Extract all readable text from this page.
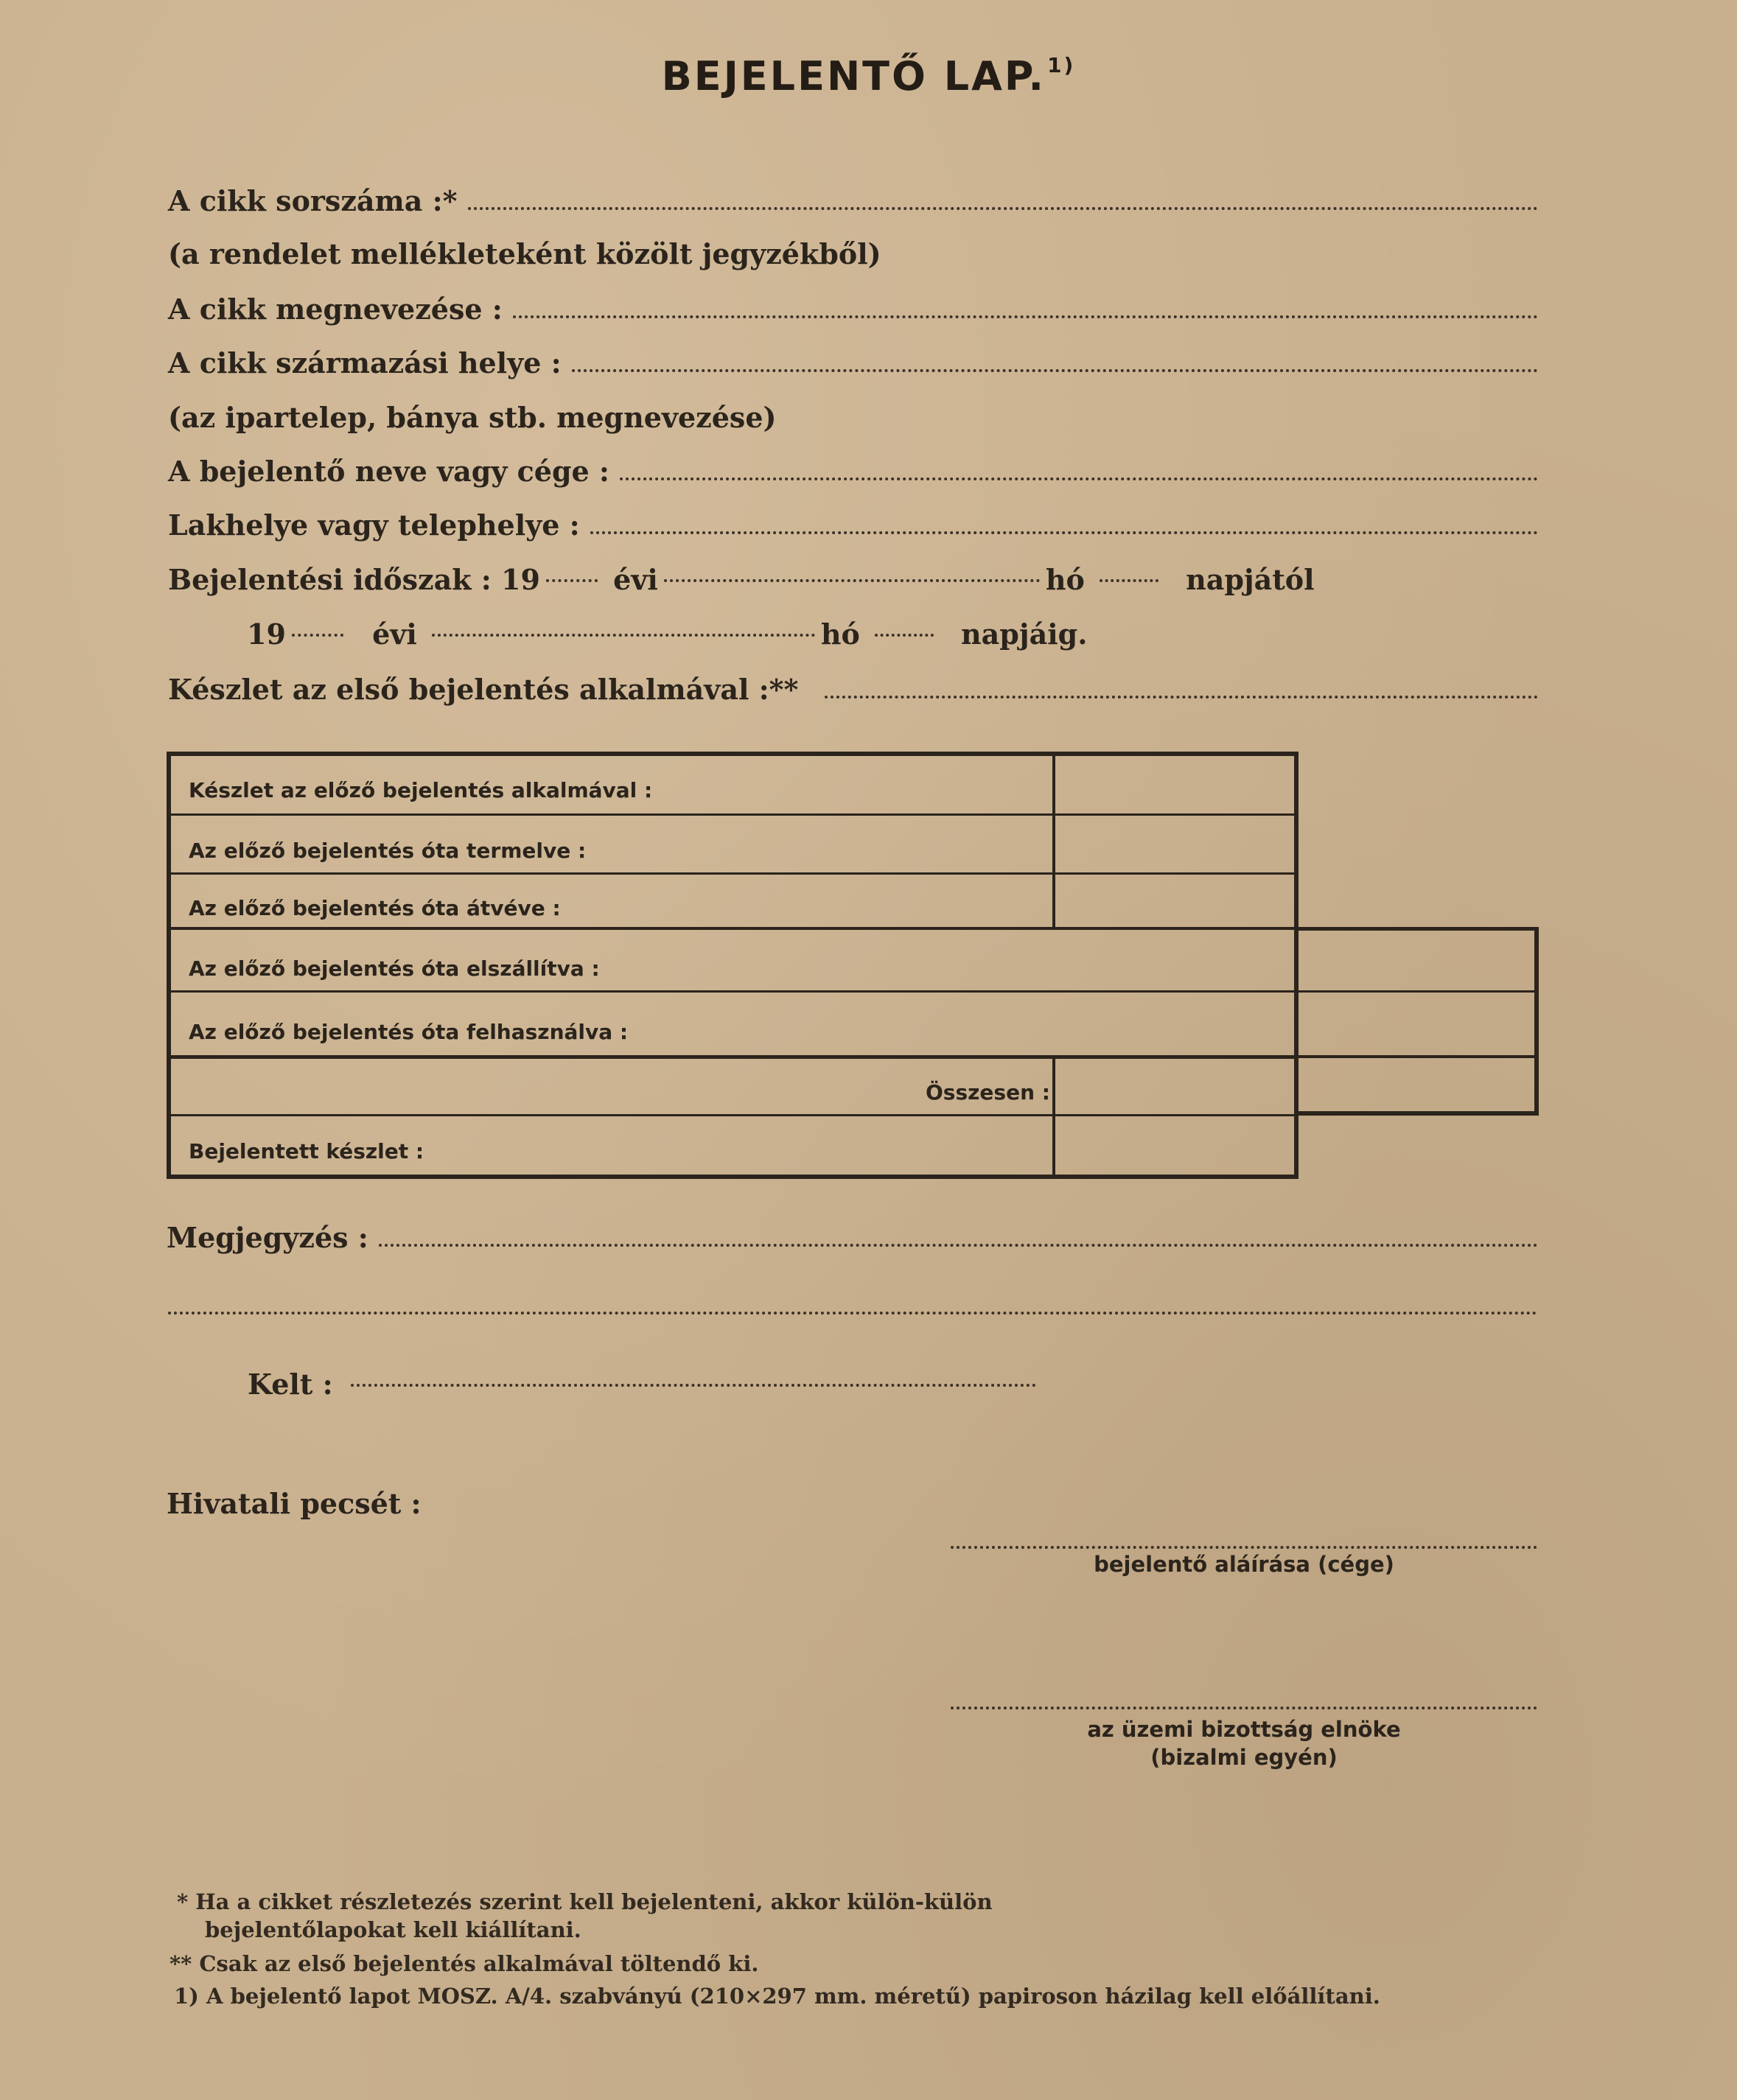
BEJELENTŐ LAP.$^{1)}$
A cikk sorszáma :*
(a rendelet mellékleteként közölt jegyzékből)
A cikk megnevezése :
A cikk származási helye :
(az ipartelep, bánya stb. megnevezése)
A bejelentő neve vagy cége :
Lakhelye vagy telephelye :
Bejelentési időszak : 19	évi	hó	napjától
19	évi	hó	napjáig.
Készlet az első bejelentés alkalmával :**
Készlet az előző bejelentés alkalmával :
Az előző bejelentés óta termelve :
Az előző bejelentés óta átvéve :
Az előző bejelentés óta elszállítva :
Az előző bejelentés óta felhasználva :
Összesen :
Bejelentett készlet :
Megjegyzés :
Kelt :
Hivatali pecsét :
bejelentő aláírása (cége)
az üzemi bizottság elnöke
(bizalmi egyén)
* Ha a cikket részletezés szerint kell bejelenteni, akkor külön-külön
bejelentőlapokat kell kiállítani.
** Csak az első bejelentés alkalmával töltendő ki.
1) A bejelentő lapot MOSZ. A/4. szabványú (210×297 mm. méretű) papiroson házilag kell előállítani.
